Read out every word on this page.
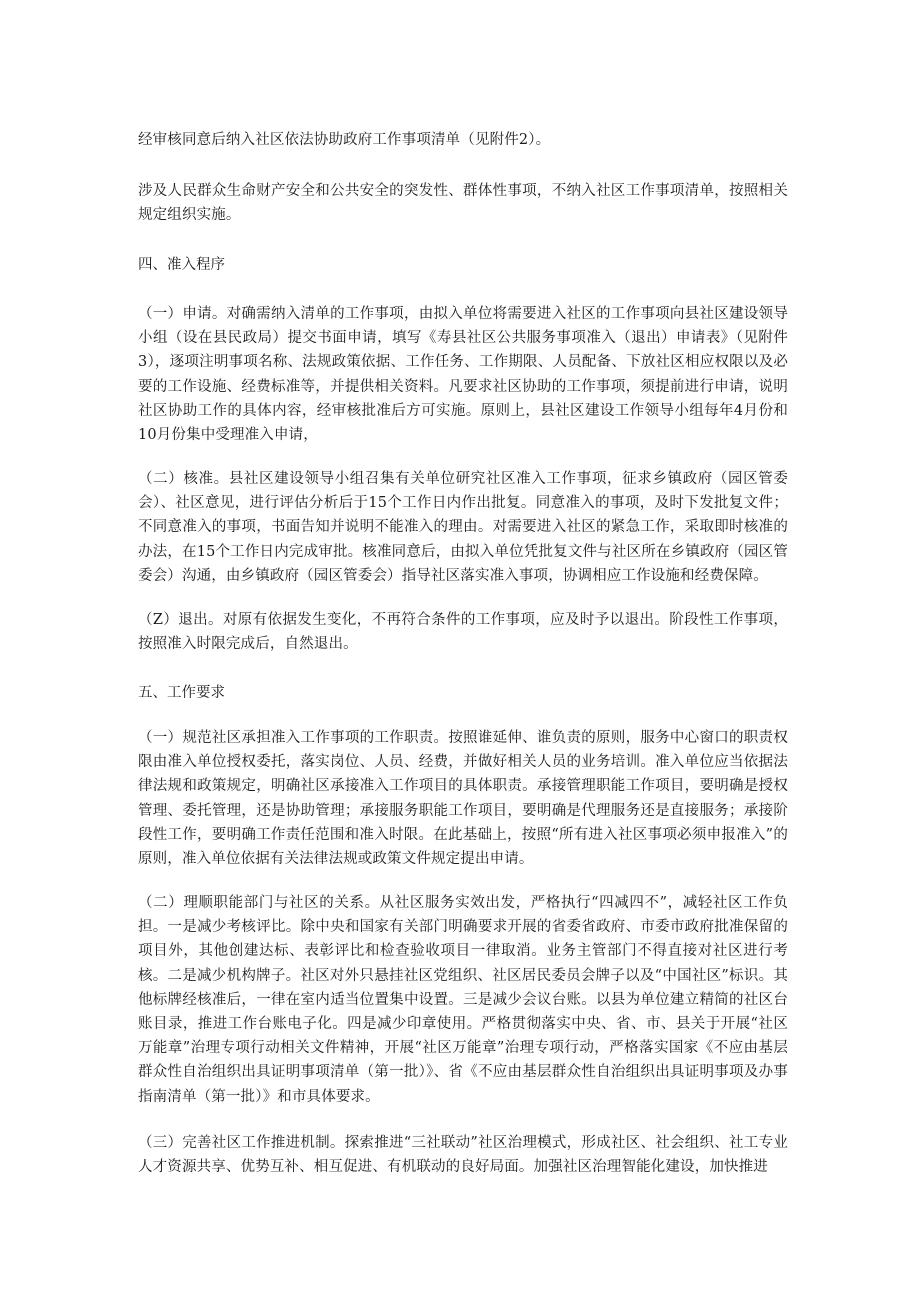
经审核同意后纳入社区依法协助政府工作事项清单（见附件2）。

涉及人民群众生命财产安全和公共安全的突发性、群体性事项，不纳入社区工作事项清单，按照相关规定组织实施。

四、准入程序

（一）申请。对确需纳入清单的工作事项，由拟入单位将需要进入社区的工作事项向县社区建设领导小组（设在县民政局）提交书面申请，填写《寿县社区公共服务事项准入（退出）申请表》（见附件3），逐项注明事项名称、法规政策依据、工作任务、工作期限、人员配备、下放社区相应权限以及必要的工作设施、经费标准等，并提供相关资料。凡要求社区协助的工作事项，须提前进行申请，说明社区协助工作的具体内容，经审核批准后方可实施。原则上，县社区建设工作领导小组每年4月份和10月份集中受理准入申请，

（二）核准。县社区建设领导小组召集有关单位研究社区准入工作事项，征求乡镇政府（园区管委会）、社区意见，进行评估分析后于15个工作日内作出批复。同意准入的事项，及时下发批复文件；不同意准入的事项，书面告知并说明不能准入的理由。对需要进入社区的紧急工作，采取即时核准的办法，在15个工作日内完成审批。核准同意后，由拟入单位凭批复文件与社区所在乡镇政府（园区管委会）沟通，由乡镇政府（园区管委会）指导社区落实准入事项，协调相应工作设施和经费保障。

（Z）退出。对原有依据发生变化，不再符合条件的工作事项，应及时予以退出。阶段性工作事项，按照准入时限完成后，自然退出。

五、工作要求

（一）规范社区承担准入工作事项的工作职责。按照谁延伸、谁负责的原则，服务中心窗口的职责权限由准入单位授权委托，落实岗位、人员、经费，并做好相关人员的业务培训。准入单位应当依据法律法规和政策规定，明确社区承接准入工作项目的具体职责。承接管理职能工作项目，要明确是授权管理、委托管理，还是协助管理；承接服务职能工作项目，要明确是代理服务还是直接服务；承接阶段性工作，要明确工作责任范围和准入时限。在此基础上，按照“所有进入社区事项必须申报准入”的原则，准入单位依据有关法律法规或政策文件规定提出申请。

（二）理顺职能部门与社区的关系。从社区服务实效出发，严格执行“四减四不”，减轻社区工作负担。一是减少考核评比。除中央和国家有关部门明确要求开展的省委省政府、市委市政府批准保留的项目外，其他创建达标、表彰评比和检查验收项目一律取消。业务主管部门不得直接对社区进行考核。二是减少机构牌子。社区对外只悬挂社区党组织、社区居民委员会牌子以及“中国社区”标识。其他标牌经核准后，一律在室内适当位置集中设置。三是减少会议台账。以县为单位建立精简的社区台账目录，推进工作台账电子化。四是减少印章使用。严格贯彻落实中央、省、市、县关于开展“社区万能章”治理专项行动相关文件精神，开展“社区万能章”治理专项行动，严格落实国家《不应由基层群众性自治组织出具证明事项清单（第一批）》、省《不应由基层群众性自治组织出具证明事项及办事指南清单（第一批）》和市具体要求。

（三）完善社区工作推进机制。探索推进“三社联动”社区治理模式，形成社区、社会组织、社工专业人才资源共享、优势互补、相互促进、有机联动的良好局面。加强社区治理智能化建设，加快推进
